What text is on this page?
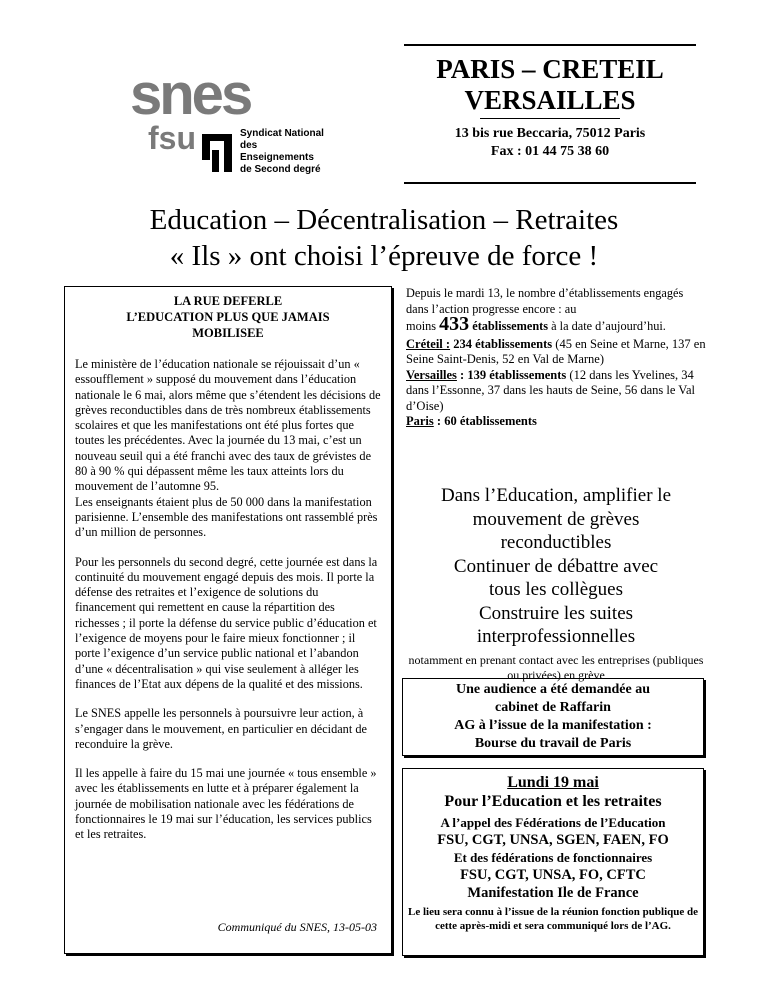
snes
fsu	Syndicat National
des Enseignements
de Second degré
PARIS – CRETEIL
VERSAILLES
13 bis rue Beccaria, 75012 Paris
Fax : 01 44 75 38 60
Education – Décentralisation – Retraites
« Ils » ont choisi l’épreuve de force !
LA RUE DEFERLE
L’EDUCATION PLUS QUE JAMAIS
MOBILISEE

Le ministère de l’éducation nationale se réjouissait d’un « essoufflement » supposé du mouvement dans l’éducation nationale le 6 mai, alors même que s’étendent les décisions de grèves reconductibles dans de très nombreux établissements scolaires et que les manifestations ont été plus fortes que toutes les précédentes. Avec la journée du 13 mai, c’est un nouveau seuil qui a été franchi avec des taux de grévistes de 80 à 90 % qui dépassent même les taux atteints lors du mouvement de l’automne 95.
Les enseignants étaient plus de 50 000 dans la manifestation parisienne. L’ensemble des manifestations ont rassemblé près d’un million de personnes.

Pour les personnels du second degré, cette journée est dans la continuité du mouvement engagé depuis des mois. Il porte la défense des retraites et l’exigence de solutions du financement qui remettent en cause la répartition des richesses ; il porte la défense du service public d’éducation et l’exigence de moyens pour le faire mieux fonctionner ; il porte l’exigence d’un service public national et l’abandon d’une « décentralisation » qui vise seulement à alléger les finances de l’Etat aux dépens de la qualité et des missions.

Le SNES appelle les personnels à poursuivre leur action, à s’engager dans le mouvement, en particulier en décidant de reconduire la grève.

Il les appelle à faire du 15 mai une journée « tous ensemble » avec les établissements en lutte et à préparer également la journée de mobilisation nationale avec les fédérations de fonctionnaires le 19 mai sur l’éducation, les services publics et les retraites.

Communiqué du SNES, 13-05-03
Depuis le mardi 13, le nombre d’établissements engagés dans l’action progresse encore : au
moins 433 établissements à la date d’aujourd’hui.
Créteil : 234 établissements (45 en Seine et Marne, 137 en Seine Saint-Denis, 52 en Val de Marne)
Versailles : 139 établissements (12 dans les Yvelines, 34 dans l’Essonne, 37 dans les hauts de Seine, 56 dans le Val d’Oise)
Paris : 60 établissements
Dans l’Education, amplifier le
mouvement de grèves
reconductibles
Continuer de débattre avec
tous les collègues
Construire les suites
interprofessionnelles
notamment en prenant contact avec les entreprises (publiques ou privées) en grève
Une audience a été demandée au
cabinet de Raffarin
AG à l’issue de la manifestation :
Bourse du travail de Paris
Lundi 19 mai
Pour l’Education et les retraites
A l’appel des Fédérations de l’Education
FSU, CGT, UNSA, SGEN, FAEN, FO
Et des fédérations de fonctionnaires
FSU, CGT, UNSA, FO, CFTC
Manifestation Ile de France
Le lieu sera connu à l’issue de la réunion fonction publique de cette après-midi et sera communiqué lors de l’AG.
